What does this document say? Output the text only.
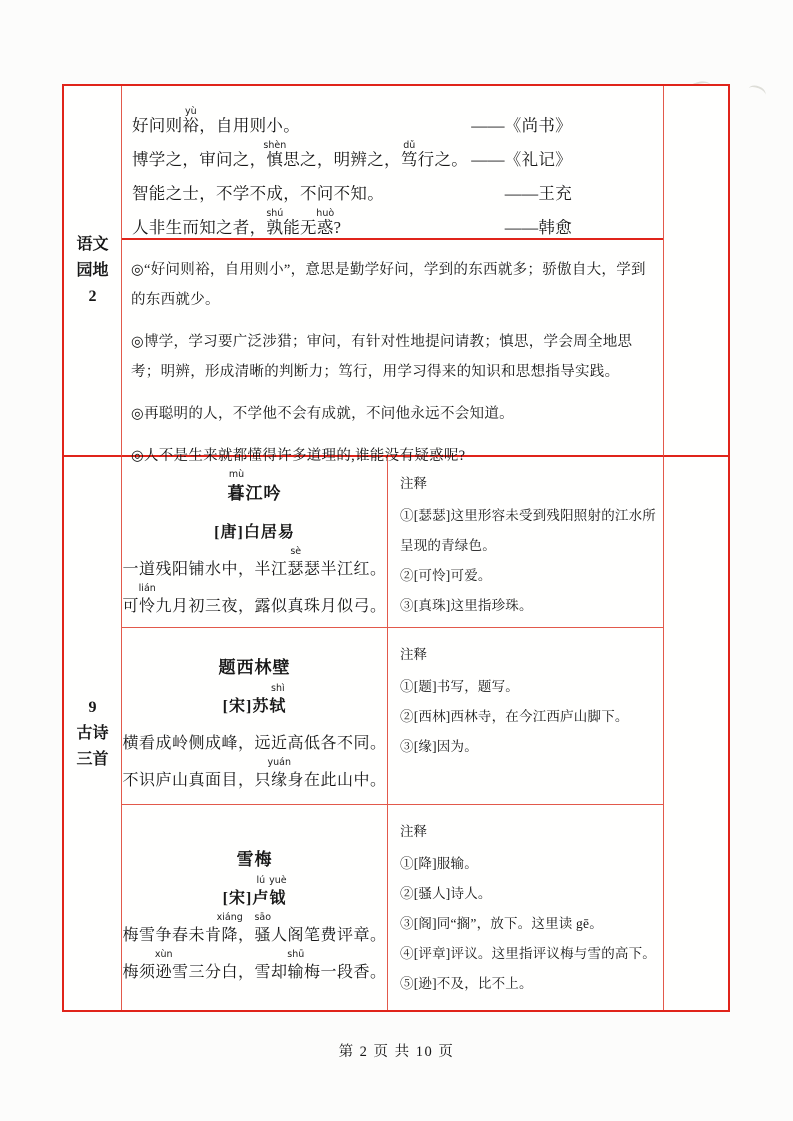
语文
园地
2
好问则裕
yù
，自用则小。	——《尚书》
博学之，审问之，慎
shèn
思之，明辨之，笃
dǔ
行之。 ——《礼记》
智能之士，不学不成，不问不知。	——王充
人非生而知之者，孰
shú
能无惑
huò
?	——韩愈

◎“好问则裕，自用则小”，意思是勤学好问，学到的东西就多；骄傲自大，学到的东西就少。

◎博学，学习要广泛涉猎；审问，有针对性地提问请教；慎思，学会周全地思考；明辨，形成清晰的判断力；笃行，用学习得来的知识和思想指导实践。

◎再聪明的人，不学他不会有成就，不问他永远不会知道。

◎人不是生来就都懂得许多道理的,谁能没有疑惑呢?

9
古诗
三首
暮
mù
江吟
[唐]白居易
一道残阳铺水中，半江 瑟
sè
瑟半江红。
可 怜
lián
九月初三夜，露似真珠月似弓。
注释
①[瑟瑟]这里形容未受到残阳照射的江水所呈现的青绿色。
②[可怜]可爱。
③[真珠]这里指珍珠。
题西林壁
[宋]苏 轼
shì
横看成岭侧成峰，远近高低各不同。
不识庐山真面目，只 缘
yuán
身在此山中。
注释
①[题]书写，题写。
②[西林]西林寺，在今江西庐山脚下。
③[缘]因为。
雪梅
[宋] 卢
lú
钺
yuè
梅雪争春未肯 降
xiáng
， 骚
sāo
人阁笔费评章。
梅须 逊
xùn
雪三分白，雪却 输
shū
梅一段香。
注释
①[降]服输。
②[骚人]诗人。
③[阁]同“搁”，放下。这里读 gē。
④[评章]评议。这里指评议梅与雪的高下。
⑤[逊]不及，比不上。
第 2 页 共 10 页
